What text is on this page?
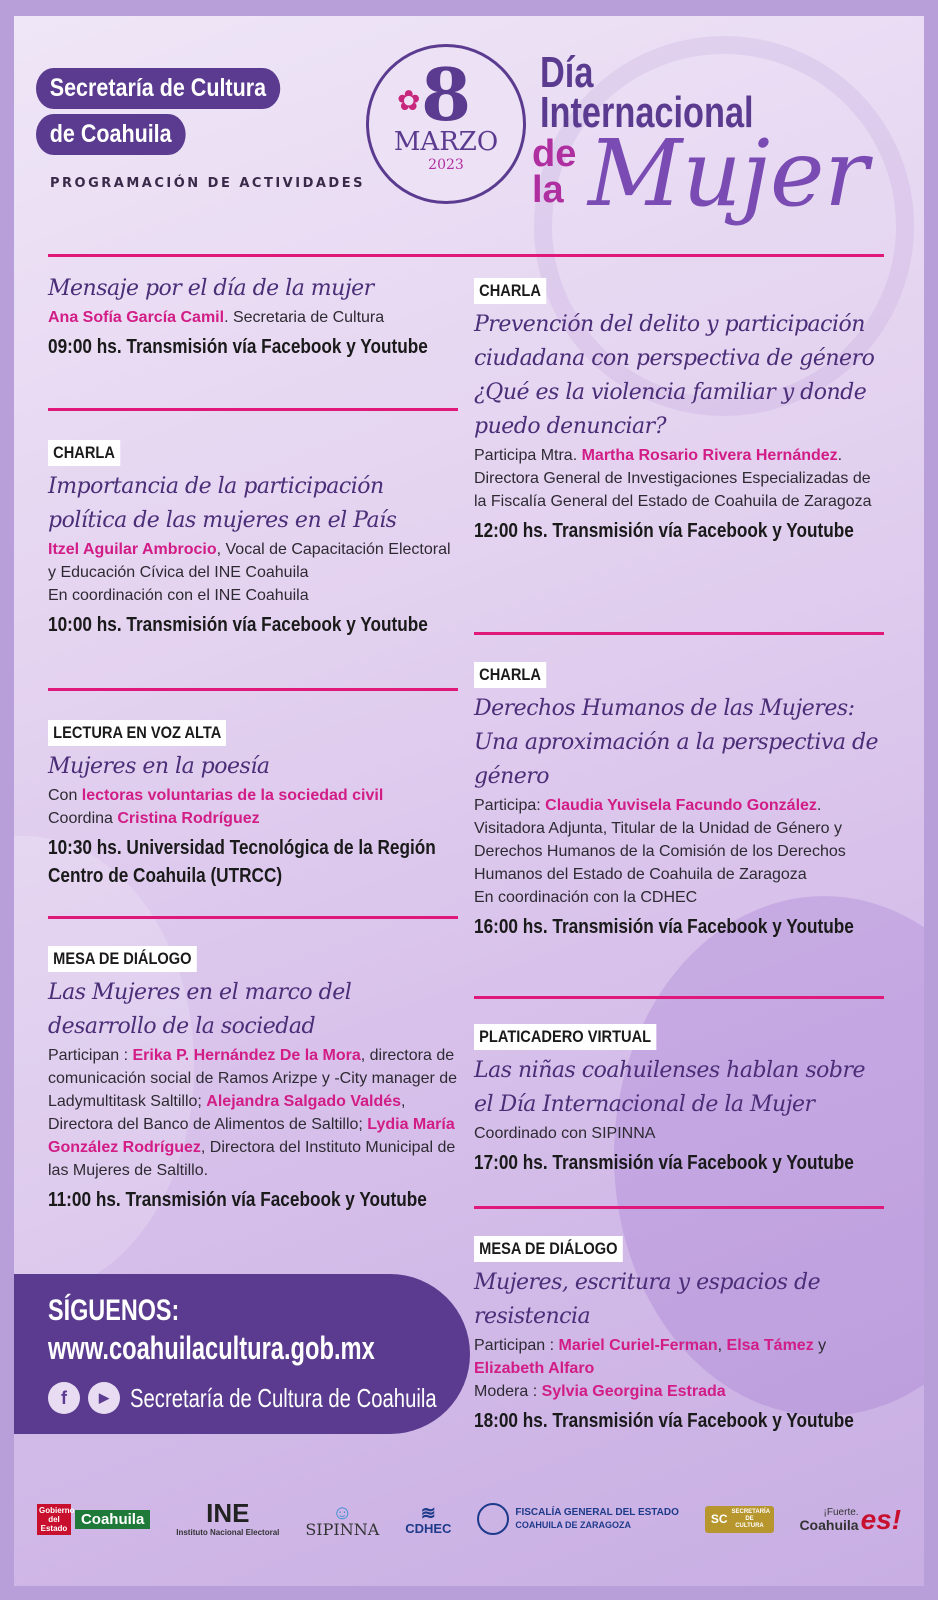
Secretaría de Cultura
de Coahuila
PROGRAMACIÓN DE ACTIVIDADES
✿ 8
MARZO
2023
Día
Internacional
de
la Mujer
Mensaje por el día de la mujer
Ana Sofía García Camil. Secretaria de Cultura
09:00 hs. Transmisión vía Facebook y Youtube
CHARLA
Importancia de la participación política de las mujeres en el País
Itzel Aguilar Ambrocio, Vocal de Capacitación Electoral y Educación Cívica del INE Coahuila
En coordinación con el INE Coahuila
10:00 hs. Transmisión vía Facebook y Youtube
LECTURA EN VOZ ALTA
Mujeres en la poesía
Con lectoras voluntarias de la sociedad civil
Coordina Cristina Rodríguez
10:30 hs. Universidad Tecnológica de la Región Centro de Coahuila (UTRCC)
MESA DE DIÁLOGO
Las Mujeres en el marco del desarrollo de la sociedad
Participan : Erika P. Hernández De la Mora, directora de comunicación social de Ramos Arizpe y -City manager de Ladymultitask Saltillo; Alejandra Salgado Valdés, Directora del Banco de Alimentos de Saltillo; Lydia María González Rodríguez, Directora del Instituto Municipal de las Mujeres de Saltillo.
11:00 hs. Transmisión vía Facebook y Youtube
CHARLA
Prevención del delito y participación ciudadana con perspectiva de género
¿Qué es la violencia familiar y donde puedo denunciar?
Participa Mtra. Martha Rosario Rivera Hernández. Directora General de Investigaciones Especializadas de la Fiscalía General del Estado de Coahuila de Zaragoza
12:00 hs. Transmisión vía Facebook y Youtube
CHARLA
Derechos Humanos de las Mujeres: Una aproximación a la perspectiva de género
Participa: Claudia Yuvisela Facundo González. Visitadora Adjunta, Titular de la Unidad de Género y Derechos Humanos de la Comisión de los Derechos Humanos del Estado de Coahuila de Zaragoza
En coordinación con la CDHEC
16:00 hs. Transmisión vía Facebook y Youtube
PLATICADERO VIRTUAL
Las niñas coahuilenses hablan sobre el Día Internacional de la Mujer
Coordinado con SIPINNA
17:00 hs. Transmisión vía Facebook y Youtube
MESA DE DIÁLOGO
Mujeres, escritura y espacios de resistencia
Participan : Mariel Curiel-Ferman, Elsa Támez y Elizabeth Alfaro
Modera : Sylvia Georgina Estrada
18:00 hs. Transmisión vía Facebook y Youtube
SÍGUENOS:
www.coahuilacultura.gob.mx
f	▶ Secretaría de Cultura de Coahuila
Gobierno del Estado
Coahuila	INE
Instituto Nacional Electoral
☺
SIPINNA
≋
CDHEC
FISCALÍA GENERAL DEL ESTADO
COAHUILA DE ZARAGOZA	SC SECRETARÍA DE CULTURA
¡Fuerte.
Coahuila es!
